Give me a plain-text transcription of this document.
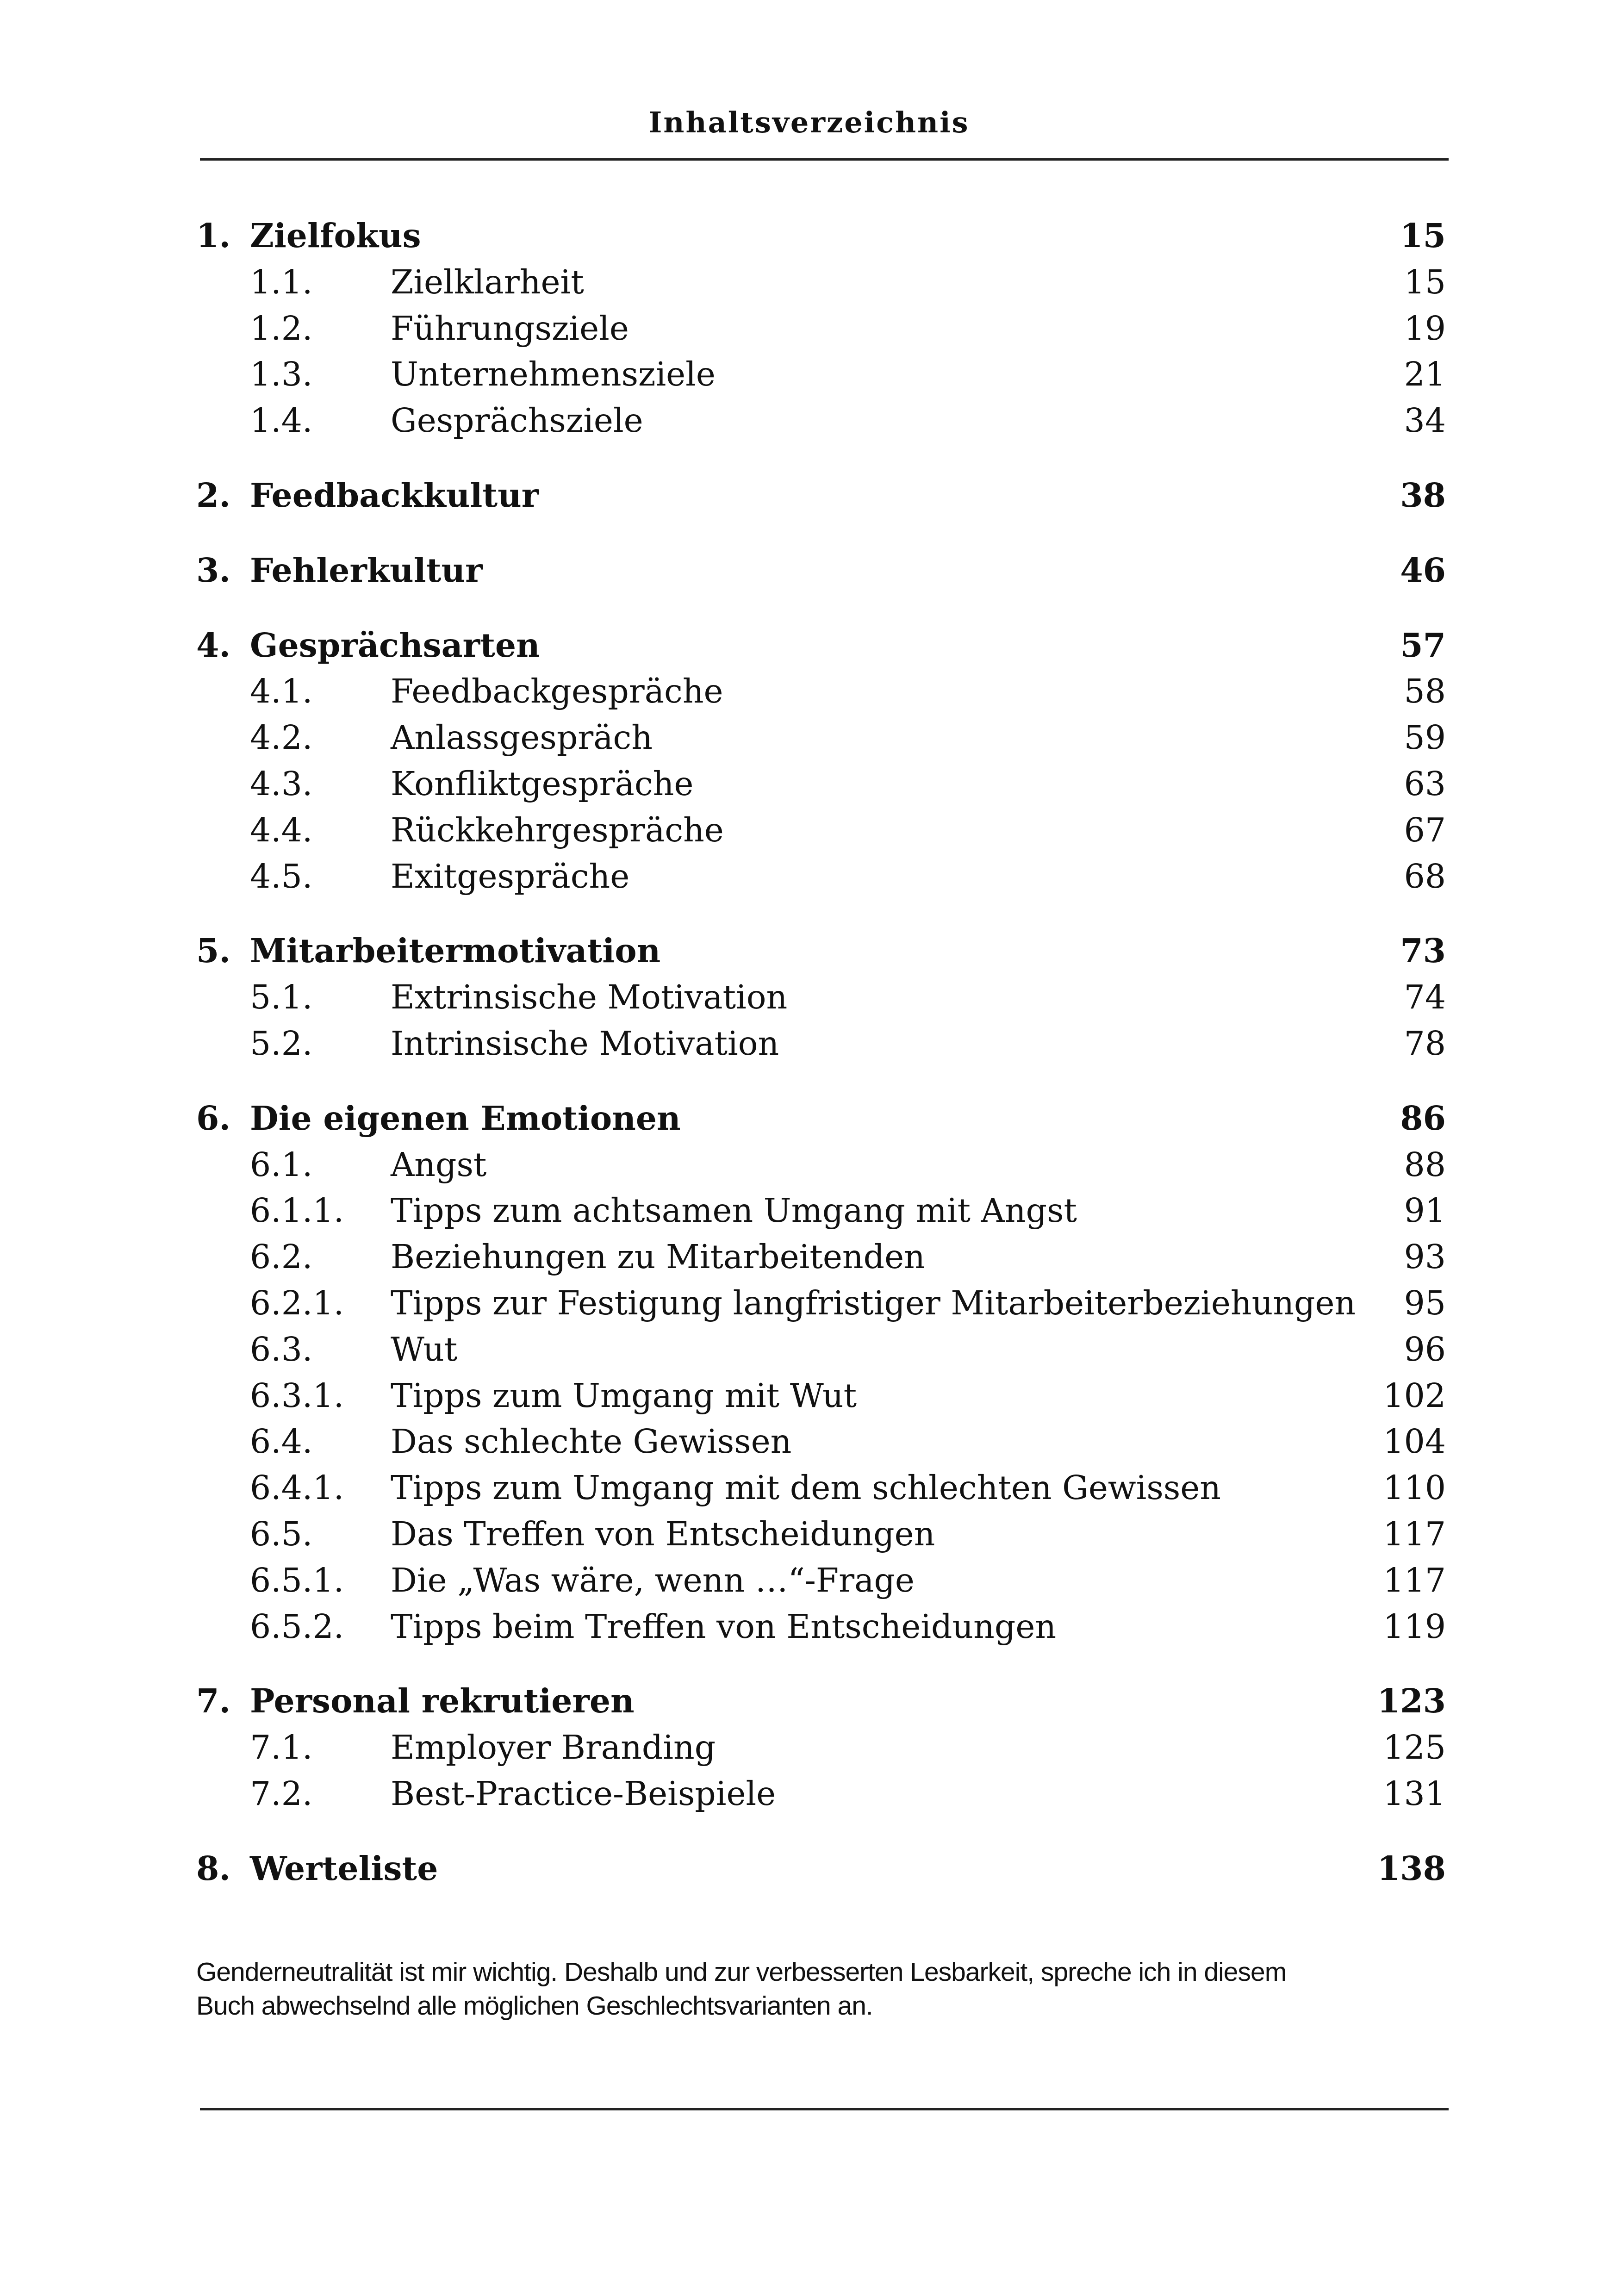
Inhaltsverzeichnis
1. Zielfokus	15
1.1. Zielklarheit	15
1.2. Führungsziele	19
1.3. Unternehmensziele	21
1.4. Gesprächsziele	34
2. Feedbackkultur	38
3. Fehlerkultur	46
4. Gesprächsarten	57
4.1. Feedbackgespräche	58
4.2. Anlassgespräch	59
4.3. Konfliktgespräche	63
4.4. Rückkehrgespräche	67
4.5. Exitgespräche	68
5. Mitarbeitermotivation	73
5.1. Extrinsische Motivation	74
5.2. Intrinsische Motivation	78
6. Die eigenen Emotionen	86
6.1. Angst	88
6.1.1. Tipps zum achtsamen Umgang mit Angst	91
6.2. Beziehungen zu Mitarbeitenden	93
6.2.1. Tipps zur Festigung langfristiger Mitarbeiterbeziehungen 95
6.3. Wut	96
6.3.1. Tipps zum Umgang mit Wut	102
6.4. Das schlechte Gewissen	104
6.4.1. Tipps zum Umgang mit dem schlechten Gewissen	110
6.5. Das Treffen von Entscheidungen	117
6.5.1. Die „Was wäre, wenn …“-Frage	117
6.5.2. Tipps beim Treffen von Entscheidungen	119
7. Personal rekrutieren	123
7.1. Employer Branding	125
7.2. Best-Practice-Beispiele	131
8. Werteliste	138
Genderneutralität ist mir wichtig. Deshalb und zur verbesserten Lesbarkeit, spreche ich in diesem
Buch abwechselnd alle möglichen Geschlechtsvarianten an.
